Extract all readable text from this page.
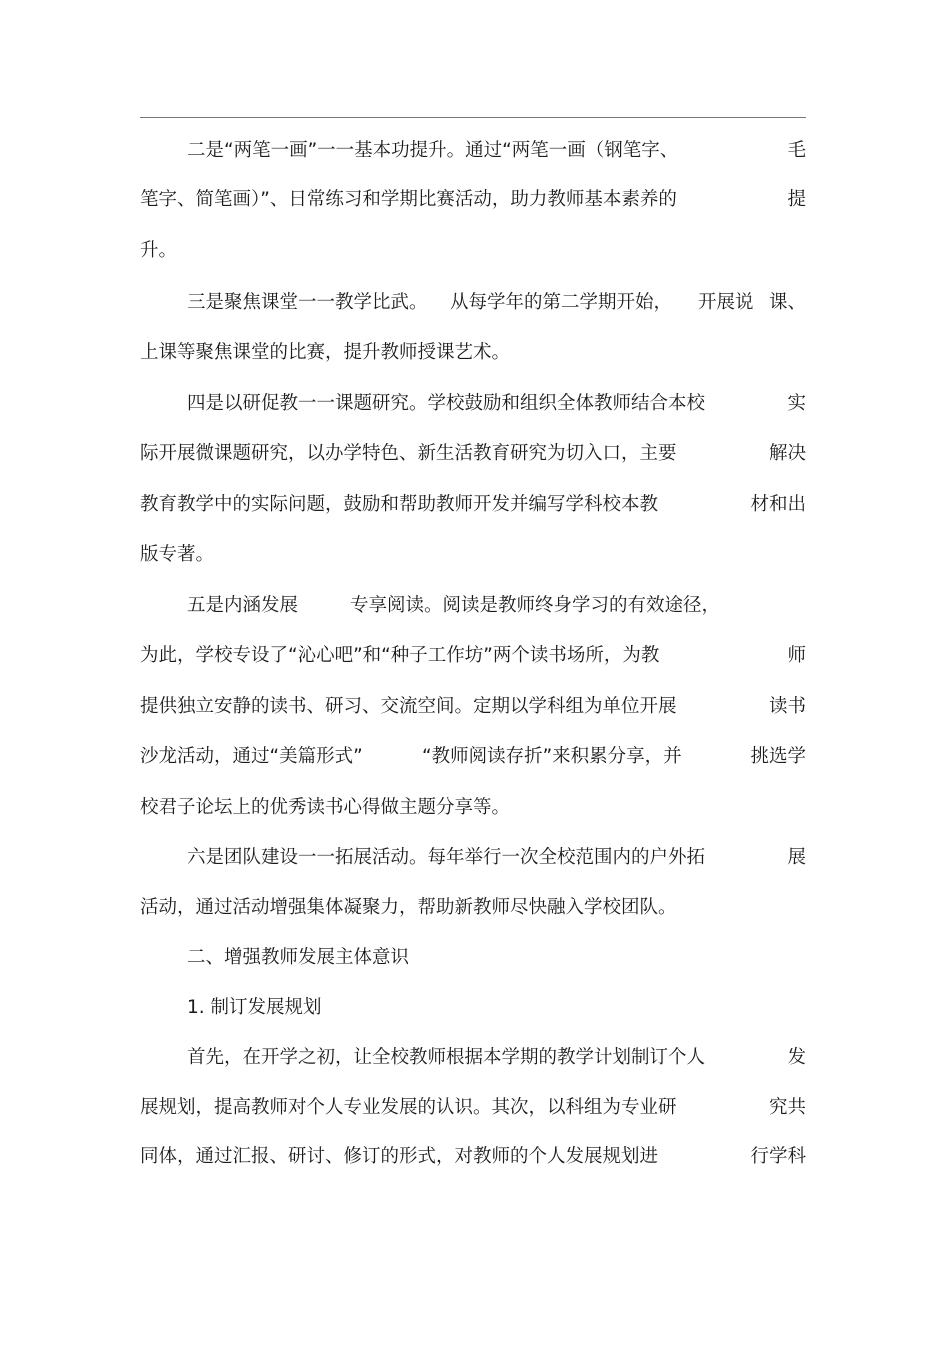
二是“两笔一画”一一基本功提升。通过“两笔一画（钢笔字、	毛
笔字、简笔画）”、日常练习和学期比赛活动，助力教师基本素养的	提
升。
三是聚焦课堂一一教学比武。 从每学年的第二学期开始， 开展说 课、
上课等聚焦课堂的比赛，提升教师授课艺术。
四是以研促教一一课题研究。学校鼓励和组织全体教师结合本校	实
际开展微课题研究，以办学特色、新生活教育研究为切入口，主要	解决
教育教学中的实际问题，鼓励和帮助教师开发并编写学科校本教	材和出
版专著。
五是内涵发展	专享阅读。阅读是教师终身学习的有效途径，
为此，学校专设了“沁心吧”和“种子工作坊”两个读书场所，为教	师
提供独立安静的读书、研习、交流空间。定期以学科组为单位开展	读书
沙龙活动，通过“美篇形式”	“教师阅读存折”来积累分享，并	挑选学
校君子论坛上的优秀读书心得做主题分享等。
六是团队建设一一拓展活动。每年举行一次全校范围内的户外拓	展
活动，通过活动增强集体凝聚力，帮助新教师尽快融入学校团队。
二、增强教师发展主体意识
1. 制订发展规划
首先，在开学之初，让全校教师根据本学期的教学计划制订个人	发
展规划，提高教师对个人专业发展的认识。其次，以科组为专业研	究共
同体，通过汇报、研讨、修订的形式，对教师的个人发展规划进	行学科
